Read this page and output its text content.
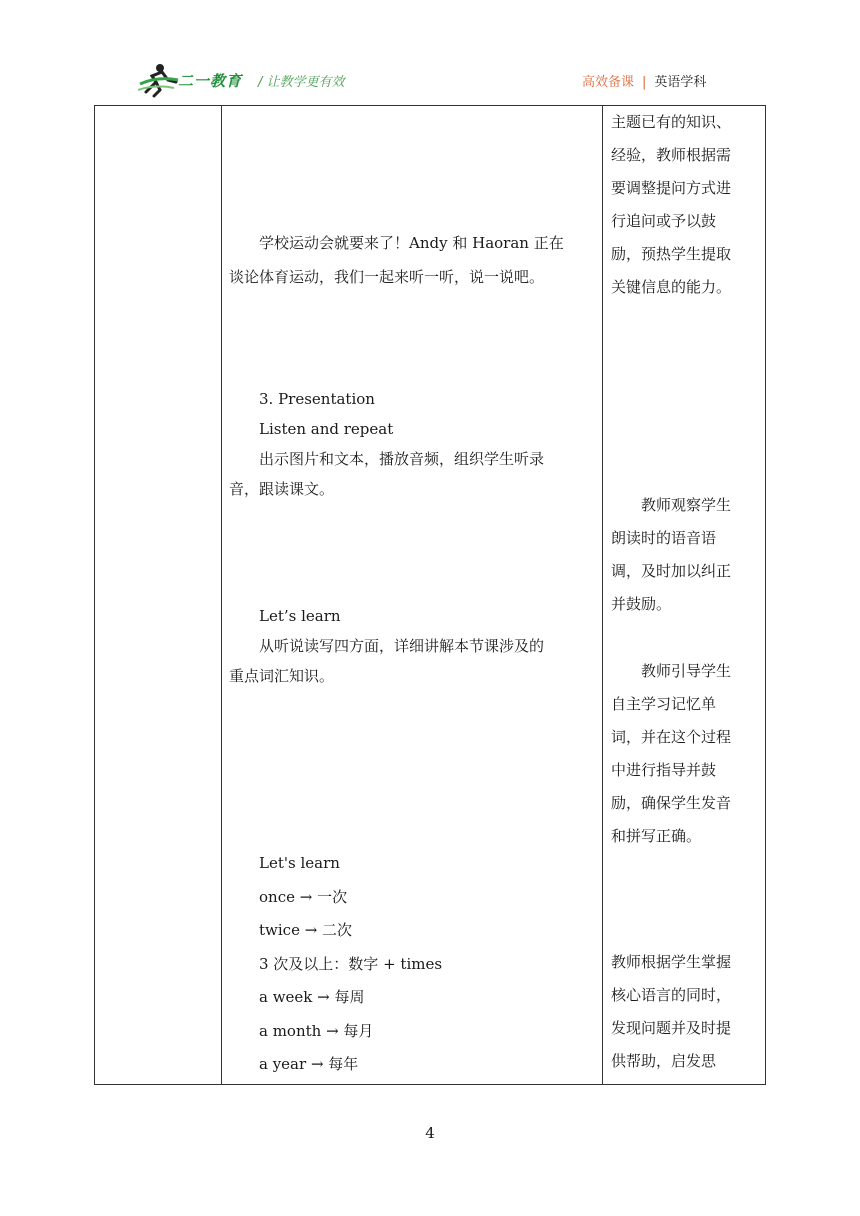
二一教育 / 让教学更有效	高效备课 | 英语学科

学校运动会就要来了！Andy 和 Haoran 正在

谈论体育运动，我们一起来听一听，说一说吧。

3. Presentation

Listen and repeat

出示图片和文本，播放音频，组织学生听录

音，跟读课文。

Let’s learn

从听说读写四方面，详细讲解本节课涉及的

重点词汇知识。

Let's learn

once → 一次

twice → 二次

3 次及以上：数字 + times

a week → 每周

a month → 每月

a year → 每年

主题已有的知识、

经验，教师根据需

要调整提问方式进

行追问或予以鼓

励，预热学生提取

关键信息的能力。

教师观察学生

朗读时的语音语

调，及时加以纠正

并鼓励。

教师引导学生

自主学习记忆单

词，并在这个过程

中进行指导并鼓

励，确保学生发音

和拼写正确。

教师根据学生掌握

核心语言的同时，

发现问题并及时提

供帮助，启发思

4
